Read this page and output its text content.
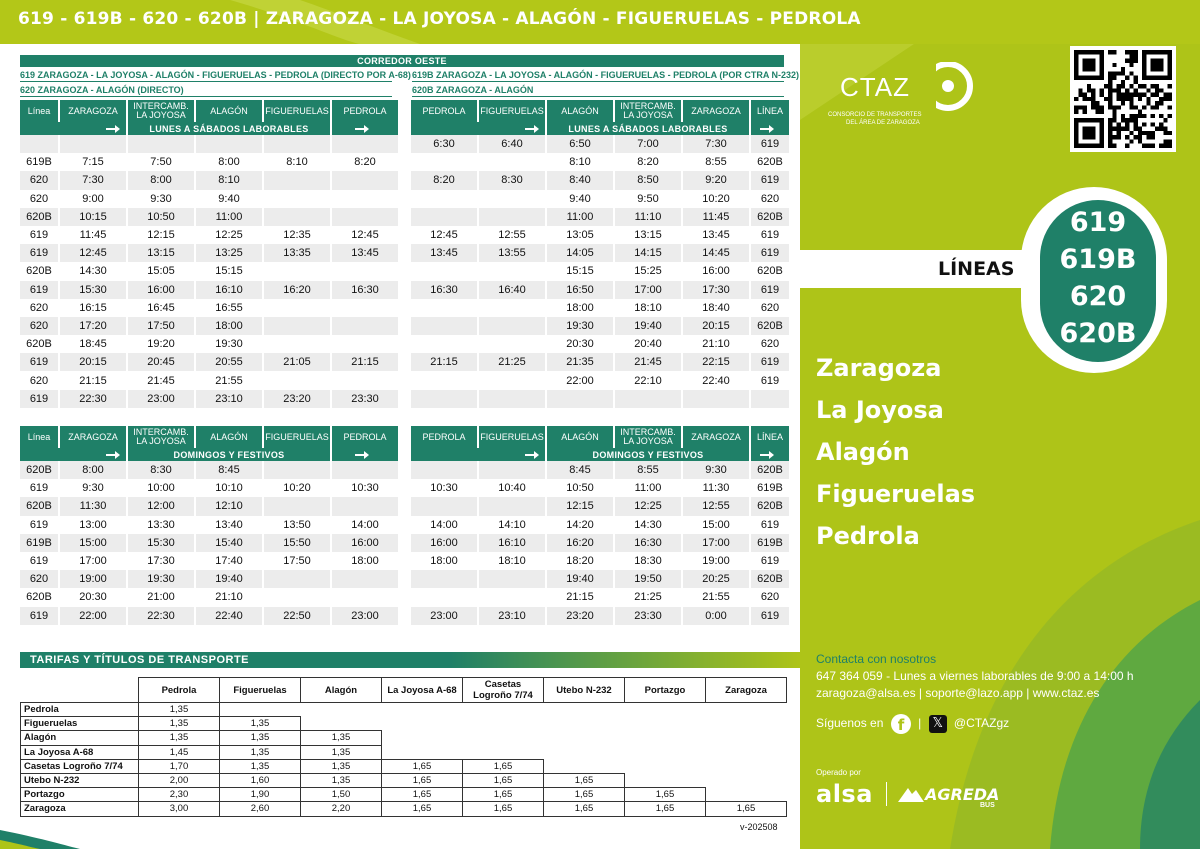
619 - 619B - 620 - 620B | ZARAGOZA - LA JOYOSA - ALAGÓN - FIGUERUELAS - PEDROLA
CORREDOR OESTE
619 ZARAGOZA - LA JOYOSA - ALAGÓN - FIGUERUELAS - PEDROLA (DIRECTO POR A-68) 619B ZARAGOZA - LA JOYOSA - ALAGÓN - FIGUERUELAS - PEDROLA (POR CTRA N-232)
620 ZARAGOZA - ALAGÓN (DIRECTO)	620B ZARAGOZA - ALAGÓN
Línea	ZARAGOZA	INTERCAMB.
LA JOYOSA	ALAGÓN	FIGUERUELAS	PEDROLA
		LUNES A SÁBADOS LABORABLES			

619B	7:15	7:50	8:00	8:10	8:20
620	7:30	8:00	8:10		
620	9:00	9:30	9:40		
620B	10:15	10:50	11:00		
619	11:45	12:15	12:25	12:35	12:45
619	12:45	13:15	13:25	13:35	13:45
620B	14:30	15:05	15:15		
619	15:30	16:00	16:10	16:20	16:30
620	16:15	16:45	16:55		
620	17:20	17:50	18:00		
620B	18:45	19:20	19:30		
619	20:15	20:45	20:55	21:05	21:15
620	21:15	21:45	21:55		
619	22:30	23:00	23:10	23:20	23:30
PEDROLA	FIGUERUELAS	ALAGÓN	INTERCAMB.
LA JOYOSA	ZARAGOZA	LÍNEA
		LUNES A SÁBADOS LABORABLES			
6:30	6:40	6:50	7:00	7:30	619
		8:10	8:20	8:55	620B
8:20	8:30	8:40	8:50	9:20	619
		9:40	9:50	10:20	620
		11:00	11:10	11:45	620B
12:45	12:55	13:05	13:15	13:45	619
13:45	13:55	14:05	14:15	14:45	619
		15:15	15:25	16:00	620B
16:30	16:40	16:50	17:00	17:30	619
		18:00	18:10	18:40	620
		19:30	19:40	20:15	620B
		20:30	20:40	21:10	620
21:15	21:25	21:35	21:45	22:15	619
		22:00	22:10	22:40	619

Línea	ZARAGOZA	INTERCAMB.
LA JOYOSA	ALAGÓN	FIGUERUELAS	PEDROLA
		DOMINGOS Y FESTIVOS			
620B	8:00	8:30	8:45		
619	9:30	10:00	10:10	10:20	10:30
620B	11:30	12:00	12:10		
619	13:00	13:30	13:40	13:50	14:00
619B	15:00	15:30	15:40	15:50	16:00
619	17:00	17:30	17:40	17:50	18:00
620	19:00	19:30	19:40		
620B	20:30	21:00	21:10		
619	22:00	22:30	22:40	22:50	23:00
PEDROLA	FIGUERUELAS	ALAGÓN	INTERCAMB.
LA JOYOSA	ZARAGOZA	LÍNEA
		DOMINGOS Y FESTIVOS			
		8:45	8:55	9:30	620B
10:30	10:40	10:50	11:00	11:30	619B
		12:15	12:25	12:55	620B
14:00	14:10	14:20	14:30	15:00	619
16:00	16:10	16:20	16:30	17:00	619B
18:00	18:10	18:20	18:30	19:00	619
		19:40	19:50	20:25	620B
		21:15	21:25	21:55	620
23:00	23:10	23:20	23:30	0:00	619
TARIFAS Y TÍTULOS DE TRANSPORTE
	Pedrola	Figueruelas	Alagón	La Joyosa A-68	Casetas
Logroño 7/74	Utebo N-232	Portazgo	Zaragoza
Pedrola	1,35							
Figueruelas	1,35	1,35						
Alagón	1,35	1,35	1,35					
La Joyosa A-68	1,45	1,35	1,35					
Casetas Logroño 7/74	1,70	1,35	1,35	1,65	1,65			
Utebo N-232	2,00	1,60	1,35	1,65	1,65	1,65		
Portazgo	2,30	1,90	1,50	1,65	1,65	1,65	1,65	
Zaragoza	3,00	2,60	2,20	1,65	1,65	1,65	1,65	1,65
v-202508
CTAZ
CONSORCIO DE TRANSPORTES
DEL ÁREA DE ZARAGOZA
LÍNEAS
619
619B
620
620B
Zaragoza
La Joyosa
Alagón
Figueruelas
Pedrola
Contacta con nosotros
647 364 059 - Lunes a viernes laborables de 9:00 a 14:00 h
zaragoza@alsa.es | soporte@lazo.app | www.ctaz.es
Síguenos en f | 𝕏 @CTAZgz
Operado por
alsa	AGREDA
BUS
